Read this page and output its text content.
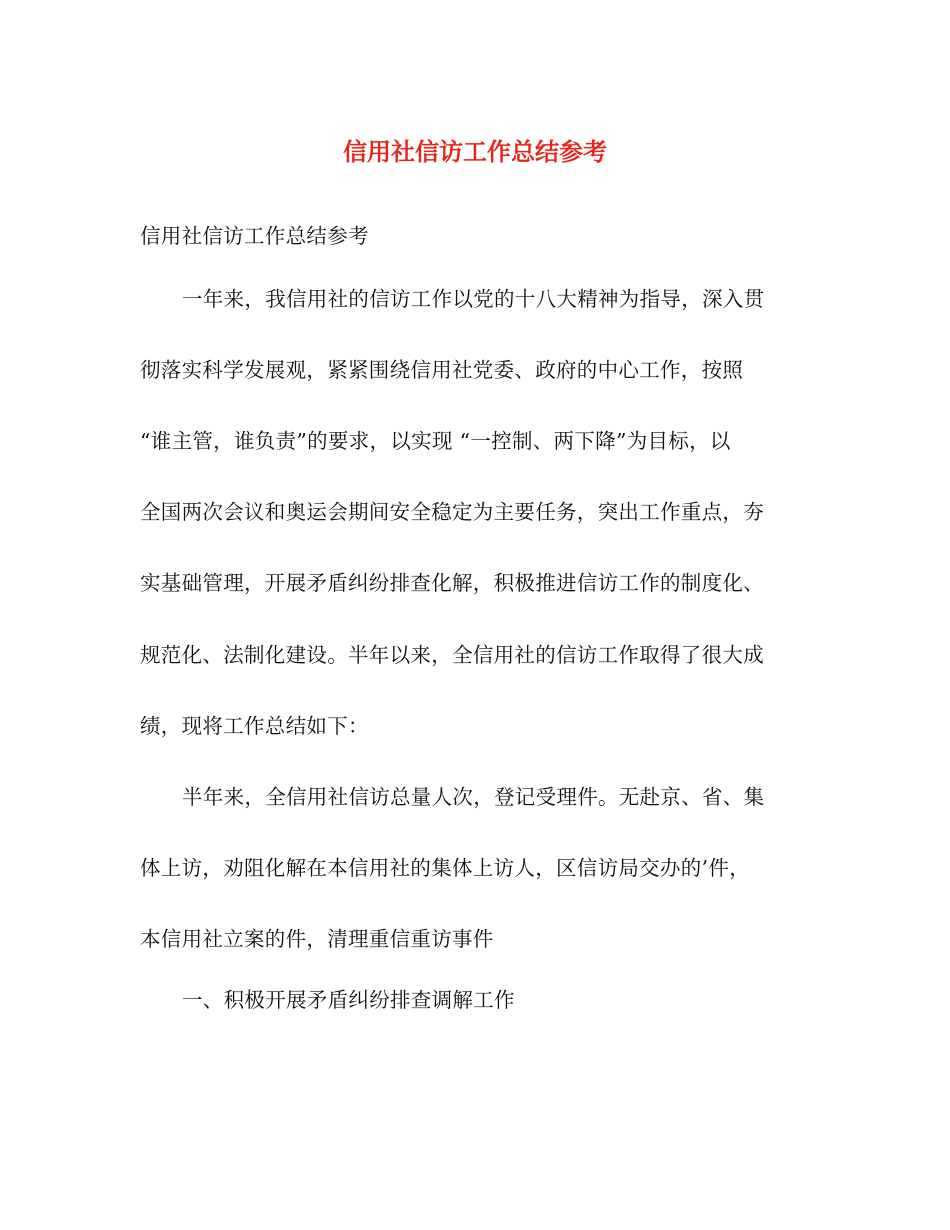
信用社信访工作总结参考
信用社信访工作总结参考
一年来，我信用社的信访工作以党的十八大精神为指导，深入贯
彻落实科学发展观，紧紧围绕信用社党委、政府的中心工作，按照
“谁主管，谁负责”的要求，以实现 “一控制、两下降”为目标，以
全国两次会议和奥运会期间安全稳定为主要任务，突出工作重点，夯
实基础管理，开展矛盾纠纷排查化解，积极推进信访工作的制度化、
规范化、法制化建设。半年以来，全信用社的信访工作取得了很大成
绩，现将工作总结如下：
半年来，全信用社信访总量人次，登记受理件。无赴京、省、集
体上访，劝阻化解在本信用社的集体上访人，区信访局交办的’件，
本信用社立案的件，清理重信重访事件
一、积极开展矛盾纠纷排查调解工作
